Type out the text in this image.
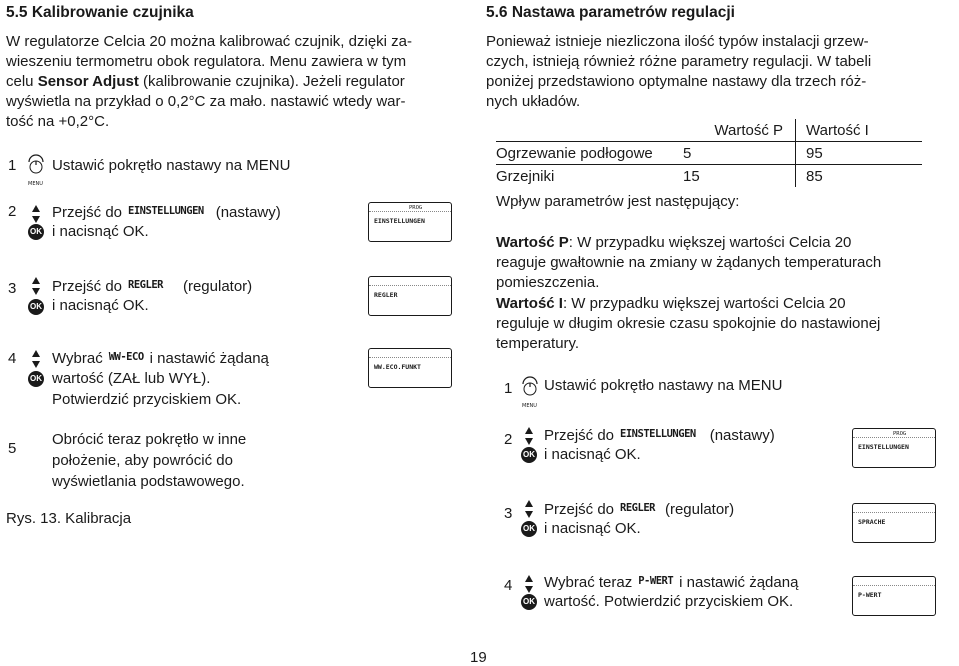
5.5 Kalibrowanie czujnika
W regulatorze Celcia 20 można kalibrować czujnik, dzięki za-
wieszeniu termometru obok regulatora. Menu zawiera w tym
celu Sensor Adjust (kalibrowanie czujnika). Jeżeli regulator
wyświetla na przykład o 0,2°C za mało. nastawić wtedy war-
tość na +0,2°C.
1
MENU
Ustawić pokrętło nastawy na MENU
2
OK
Przejść do EINSTELLUNGEN (nastawy)
i nacisnąć OK.
PROG
EINSTELLUNGEN
3
OK
Przejść do REGLER (regulator)
i nacisnąć OK.
REGLER
4
OK
Wybrać WW-ECO i nastawić żądaną
wartość (ZAŁ lub WYŁ).
Potwierdzić przyciskiem OK.
WW.ECO.FUNKT
5
Obrócić teraz pokrętło w inne
położenie, aby powrócić do
wyświetlania podstawowego.
Rys. 13. Kalibracja
5.6 Nastawa parametrów regulacji
Ponieważ istnieje niezliczona ilość typów instalacji grzew-
czych, istnieją również różne parametry regulacji. W tabeli
poniżej przedstawiono optymalne nastawy dla trzech róż-
nych układów.
	Wartość P	Wartość I
Ogrzewanie podłogowe	5	95
Grzejniki	15	85
Wpływ parametrów jest następujący:
Wartość P: W przypadku większej wartości Celcia 20
reaguje gwałtownie na zmiany w żądanych temperaturach
pomieszczenia.
Wartość I: W przypadku większej wartości Celcia 20
reguluje w długim okresie czasu spokojnie do nastawionej
temperatury.
1
MENU
Ustawić pokrętło nastawy na MENU
2
OK
Przejść do EINSTELLUNGEN (nastawy)
i nacisnąć OK.
PROG
EINSTELLUNGEN
3
OK
Przejść do REGLER (regulator)
i nacisnąć OK.	SPRACHE
4
OK
Wybrać teraz P-WERT i nastawić żądaną
wartość. Potwierdzić przyciskiem OK.	P-WERT
19
